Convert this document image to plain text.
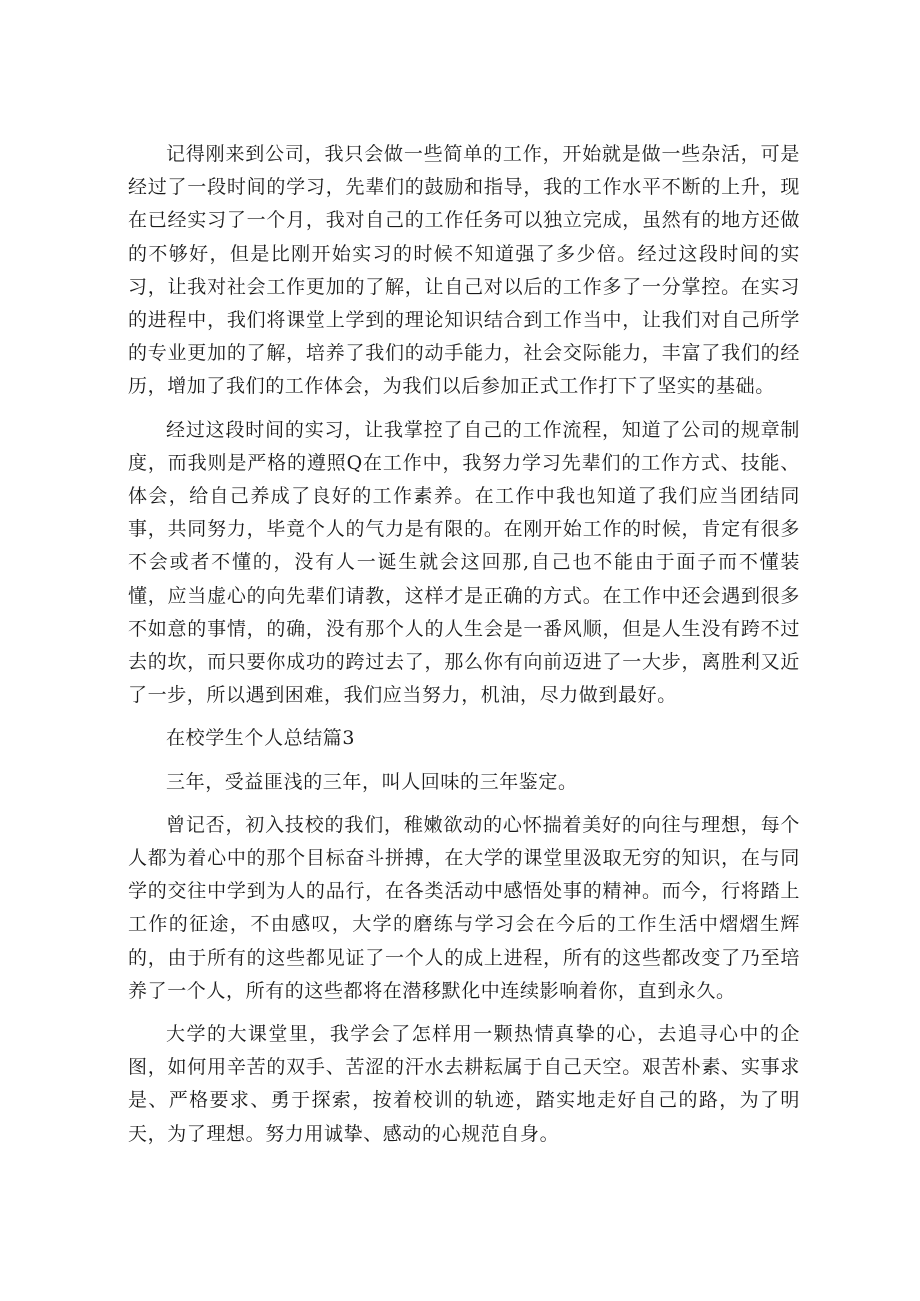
记得刚来到公司，我只会做一些简单的工作，开始就是做一些杂活，可是经过了一段时间的学习，先辈们的鼓励和指导，我的工作水平不断的上升，现在已经实习了一个月，我对自己的工作任务可以独立完成，虽然有的地方还做的不够好，但是比刚开始实习的时候不知道强了多少倍。经过这段时间的实习，让我对社会工作更加的了解，让自己对以后的工作多了一分掌控。在实习的进程中，我们将课堂上学到的理论知识结合到工作当中，让我们对自己所学的专业更加的了解，培养了我们的动手能力，社会交际能力，丰富了我们的经历，增加了我们的工作体会，为我们以后参加正式工作打下了坚实的基础。

经过这段时间的实习，让我掌控了自己的工作流程，知道了公司的规章制度，而我则是严格的遵照Q在工作中，我努力学习先辈们的工作方式、技能、体会，给自己养成了良好的工作素养。在工作中我也知道了我们应当团结同事，共同努力，毕竟个人的气力是有限的。在刚开始工作的时候，肯定有很多不会或者不懂的，没有人一诞生就会这回那,自己也不能由于面子而不懂装懂，应当虚心的向先辈们请教，这样才是正确的方式。在工作中还会遇到很多不如意的事情，的确，没有那个人的人生会是一番风顺，但是人生没有跨不过去的坎，而只要你成功的跨过去了，那么你有向前迈进了一大步，离胜利又近了一步，所以遇到困难，我们应当努力，机油，尽力做到最好。

在校学生个人总结篇3

三年，受益匪浅的三年，叫人回味的三年鉴定。

曾记否，初入技校的我们，稚嫩欲动的心怀揣着美好的向往与理想，每个人都为着心中的那个目标奋斗拼搏，在大学的课堂里汲取无穷的知识，在与同学的交往中学到为人的品行，在各类活动中感悟处事的精神。而今，行将踏上工作的征途，不由感叹，大学的磨练与学习会在今后的工作生活中熠熠生辉的，由于所有的这些都见证了一个人的成上进程，所有的这些都改变了乃至培养了一个人，所有的这些都将在潜移默化中连续影响着你，直到永久。

大学的大课堂里，我学会了怎样用一颗热情真挚的心，去追寻心中的企图，如何用辛苦的双手、苦涩的汗水去耕耘属于自己天空。艰苦朴素、实事求是、严格要求、勇于探索，按着校训的轨迹，踏实地走好自己的路，为了明天，为了理想。努力用诚挚、感动的心规范自身。
